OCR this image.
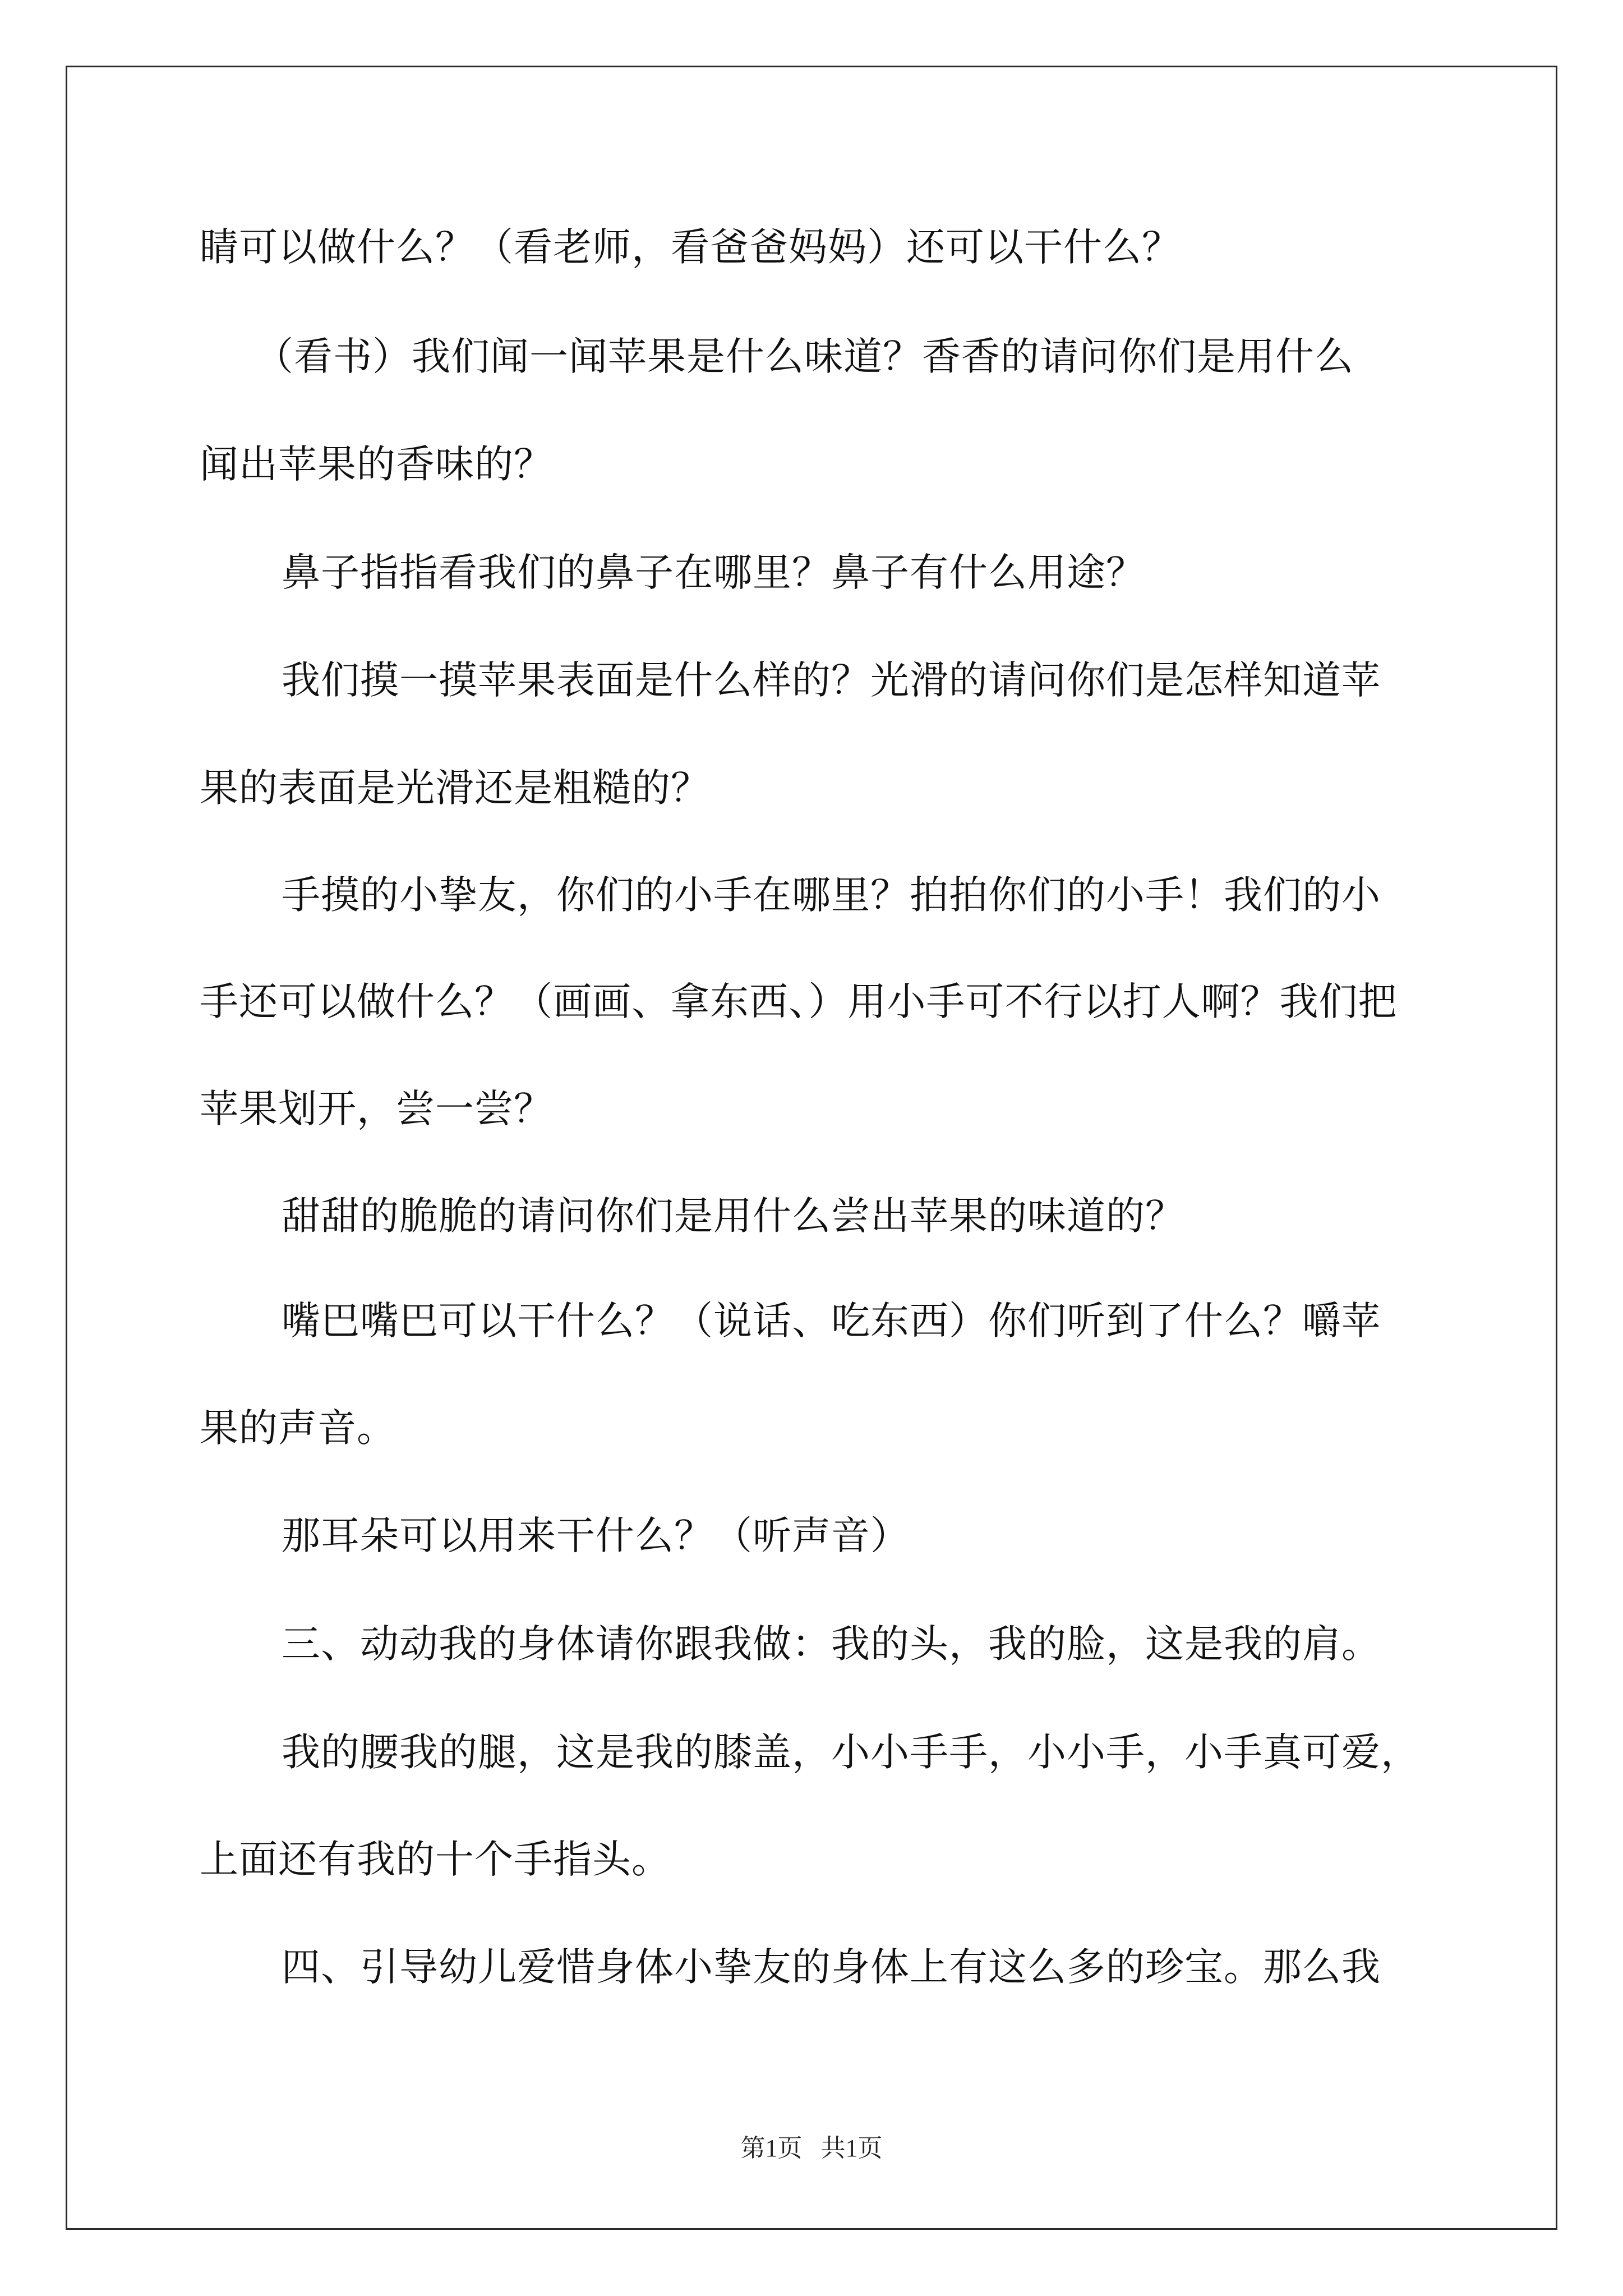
睛可以做什么？（看老师，看爸爸妈妈）还可以干什么？

（看书）我们闻一闻苹果是什么味道？香香的请问你们是用什么

闻出苹果的香味的？

鼻子指指看我们的鼻子在哪里？鼻子有什么用途？

我们摸一摸苹果表面是什么样的？光滑的请问你们是怎样知道苹

果的表面是光滑还是粗糙的？

手摸的小挚友，你们的小手在哪里？拍拍你们的小手！我们的小

手还可以做什么？（画画、拿东西、）用小手可不行以打人啊？我们把

苹果划开，尝一尝？

甜甜的脆脆的请问你们是用什么尝出苹果的味道的？

嘴巴嘴巴可以干什么？（说话、吃东西）你们听到了什么？嚼苹

果的声音。

那耳朵可以用来干什么？（听声音）

三、动动我的身体请你跟我做：我的头，我的脸，这是我的肩。

我的腰我的腿，这是我的膝盖，小小手手，小小手，小手真可爱，

上面还有我的十个手指头。

四、引导幼儿爱惜身体小挚友的身体上有这么多的珍宝。那么我

第1页 共1页
